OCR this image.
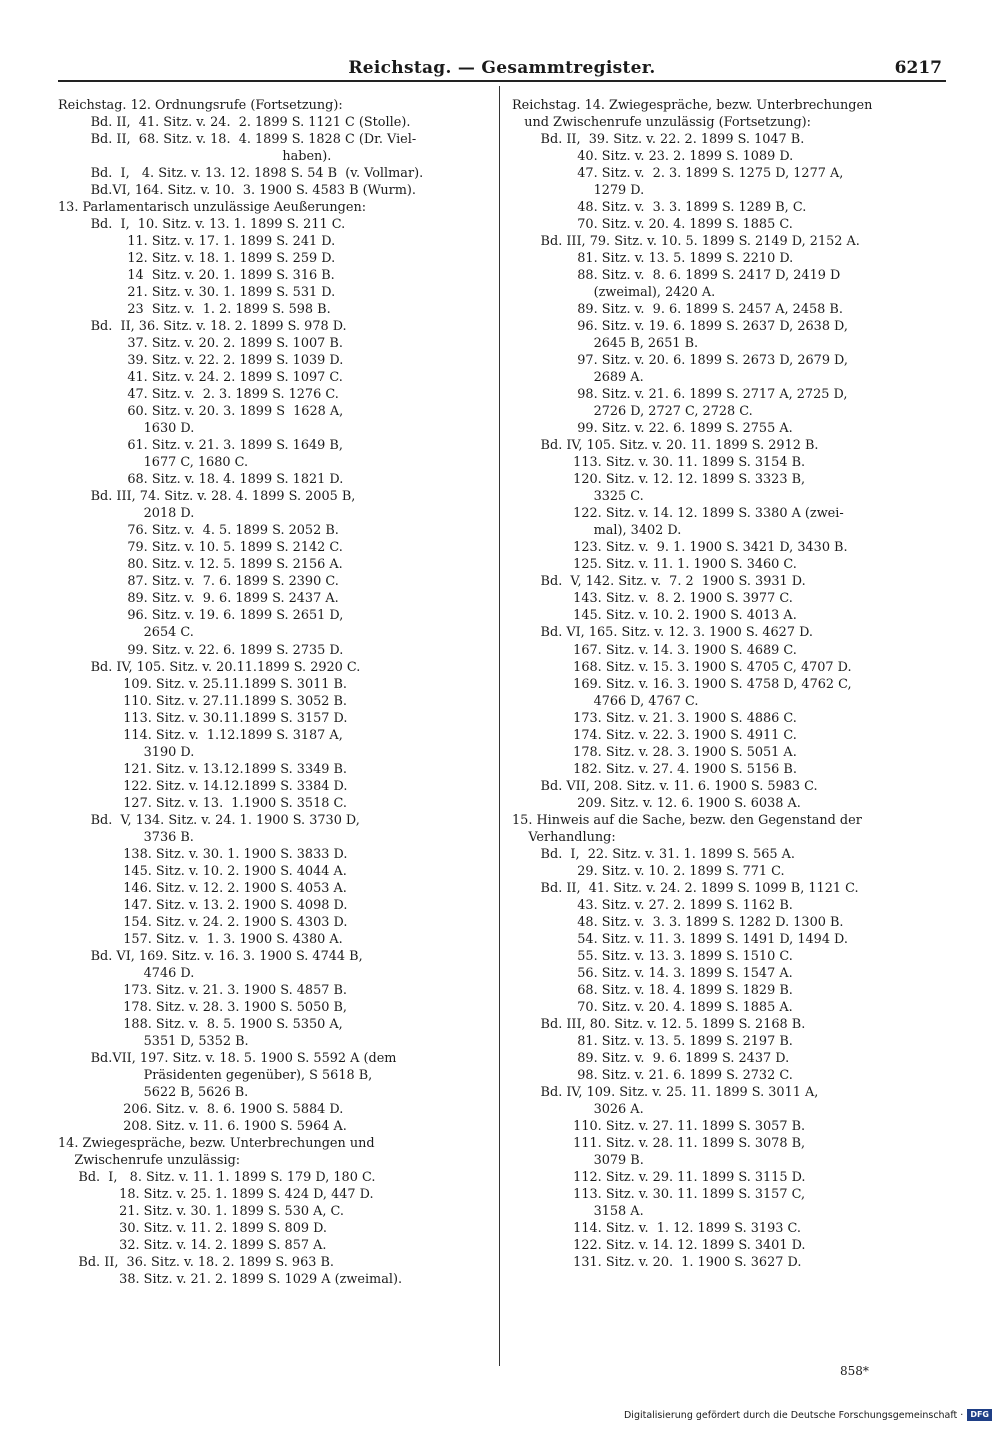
Reichstag. — Gesammtregister.	6217
Reichstag. 12. Ordnungsrufe (Fortsetzung):
Bd. II,  41. Sitz. v. 24.  2. 1899 S. 1121 C (Stolle).
Bd. II,  68. Sitz. v. 18.  4. 1899 S. 1828 C (Dr. Viel-
haben).
Bd.  I,   4. Sitz. v. 13. 12. 1898 S. 54 B  (v. Vollmar).
Bd.VI, 164. Sitz. v. 10.  3. 1900 S. 4583 B (Wurm).
13. Parlamentarisch unzulässige Aeußerungen:
Bd.  I,  10. Sitz. v. 13. 1. 1899 S. 211 C.
11. Sitz. v. 17. 1. 1899 S. 241 D.
12. Sitz. v. 18. 1. 1899 S. 259 D.
14  Sitz. v. 20. 1. 1899 S. 316 B.
21. Sitz. v. 30. 1. 1899 S. 531 D.
23  Sitz. v.  1. 2. 1899 S. 598 B.
Bd.  II, 36. Sitz. v. 18. 2. 1899 S. 978 D.
37. Sitz. v. 20. 2. 1899 S. 1007 B.
39. Sitz. v. 22. 2. 1899 S. 1039 D.
41. Sitz. v. 24. 2. 1899 S. 1097 C.
47. Sitz. v.  2. 3. 1899 S. 1276 C.
60. Sitz. v. 20. 3. 1899 S  1628 A,
1630 D.
61. Sitz. v. 21. 3. 1899 S. 1649 B,
1677 C, 1680 C.
68. Sitz. v. 18. 4. 1899 S. 1821 D.
Bd. III, 74. Sitz. v. 28. 4. 1899 S. 2005 B,
2018 D.
76. Sitz. v.  4. 5. 1899 S. 2052 B.
79. Sitz. v. 10. 5. 1899 S. 2142 C.
80. Sitz. v. 12. 5. 1899 S. 2156 A.
87. Sitz. v.  7. 6. 1899 S. 2390 C.
89. Sitz. v.  9. 6. 1899 S. 2437 A.
96. Sitz. v. 19. 6. 1899 S. 2651 D,
2654 C.
99. Sitz. v. 22. 6. 1899 S. 2735 D.
Bd. IV, 105. Sitz. v. 20.11.1899 S. 2920 C.
109. Sitz. v. 25.11.1899 S. 3011 B.
110. Sitz. v. 27.11.1899 S. 3052 B.
113. Sitz. v. 30.11.1899 S. 3157 D.
114. Sitz. v.  1.12.1899 S. 3187 A,
3190 D.
121. Sitz. v. 13.12.1899 S. 3349 B.
122. Sitz. v. 14.12.1899 S. 3384 D.
127. Sitz. v. 13.  1.1900 S. 3518 C.
Bd.  V, 134. Sitz. v. 24. 1. 1900 S. 3730 D,
3736 B.
138. Sitz. v. 30. 1. 1900 S. 3833 D.
145. Sitz. v. 10. 2. 1900 S. 4044 A.
146. Sitz. v. 12. 2. 1900 S. 4053 A.
147. Sitz. v. 13. 2. 1900 S. 4098 D.
154. Sitz. v. 24. 2. 1900 S. 4303 D.
157. Sitz. v.  1. 3. 1900 S. 4380 A.
Bd. VI, 169. Sitz. v. 16. 3. 1900 S. 4744 B,
4746 D.
173. Sitz. v. 21. 3. 1900 S. 4857 B.
178. Sitz. v. 28. 3. 1900 S. 5050 B,
188. Sitz. v.  8. 5. 1900 S. 5350 A,
5351 D, 5352 B.
Bd.VII, 197. Sitz. v. 18. 5. 1900 S. 5592 A (dem
Präsidenten gegenüber), S 5618 B,
5622 B, 5626 B.
206. Sitz. v.  8. 6. 1900 S. 5884 D.
208. Sitz. v. 11. 6. 1900 S. 5964 A.
14. Zwiegespräche, bezw. Unterbrechungen und
Zwischenrufe unzulässig:
Bd.  I,   8. Sitz. v. 11. 1. 1899 S. 179 D, 180 C.
18. Sitz. v. 25. 1. 1899 S. 424 D, 447 D.
21. Sitz. v. 30. 1. 1899 S. 530 A, C.
30. Sitz. v. 11. 2. 1899 S. 809 D.
32. Sitz. v. 14. 2. 1899 S. 857 A.
Bd. II,  36. Sitz. v. 18. 2. 1899 S. 963 B.
38. Sitz. v. 21. 2. 1899 S. 1029 A (zweimal).
Reichstag. 14. Zwiegespräche, bezw. Unterbrechungen
und Zwischenrufe unzulässig (Fortsetzung):
Bd. II,  39. Sitz. v. 22. 2. 1899 S. 1047 B.
40. Sitz. v. 23. 2. 1899 S. 1089 D.
47. Sitz. v.  2. 3. 1899 S. 1275 D, 1277 A,
1279 D.
48. Sitz. v.  3. 3. 1899 S. 1289 B, C.
70. Sitz. v. 20. 4. 1899 S. 1885 C.
Bd. III, 79. Sitz. v. 10. 5. 1899 S. 2149 D, 2152 A.
81. Sitz. v. 13. 5. 1899 S. 2210 D.
88. Sitz. v.  8. 6. 1899 S. 2417 D, 2419 D
(zweimal), 2420 A.
89. Sitz. v.  9. 6. 1899 S. 2457 A, 2458 B.
96. Sitz. v. 19. 6. 1899 S. 2637 D, 2638 D,
2645 B, 2651 B.
97. Sitz. v. 20. 6. 1899 S. 2673 D, 2679 D,
2689 A.
98. Sitz. v. 21. 6. 1899 S. 2717 A, 2725 D,
2726 D, 2727 C, 2728 C.
99. Sitz. v. 22. 6. 1899 S. 2755 A.
Bd. IV, 105. Sitz. v. 20. 11. 1899 S. 2912 B.
113. Sitz. v. 30. 11. 1899 S. 3154 B.
120. Sitz. v. 12. 12. 1899 S. 3323 B,
3325 C.
122. Sitz. v. 14. 12. 1899 S. 3380 A (zwei-
mal), 3402 D.
123. Sitz. v.  9. 1. 1900 S. 3421 D, 3430 B.
125. Sitz. v. 11. 1. 1900 S. 3460 C.
Bd.  V, 142. Sitz. v.  7. 2  1900 S. 3931 D.
143. Sitz. v.  8. 2. 1900 S. 3977 C.
145. Sitz. v. 10. 2. 1900 S. 4013 A.
Bd. VI, 165. Sitz. v. 12. 3. 1900 S. 4627 D.
167. Sitz. v. 14. 3. 1900 S. 4689 C.
168. Sitz. v. 15. 3. 1900 S. 4705 C, 4707 D.
169. Sitz. v. 16. 3. 1900 S. 4758 D, 4762 C,
4766 D, 4767 C.
173. Sitz. v. 21. 3. 1900 S. 4886 C.
174. Sitz. v. 22. 3. 1900 S. 4911 C.
178. Sitz. v. 28. 3. 1900 S. 5051 A.
182. Sitz. v. 27. 4. 1900 S. 5156 B.
Bd. VII, 208. Sitz. v. 11. 6. 1900 S. 5983 C.
209. Sitz. v. 12. 6. 1900 S. 6038 A.
15. Hinweis auf die Sache, bezw. den Gegenstand der
Verhandlung:
Bd.  I,  22. Sitz. v. 31. 1. 1899 S. 565 A.
29. Sitz. v. 10. 2. 1899 S. 771 C.
Bd. II,  41. Sitz. v. 24. 2. 1899 S. 1099 B, 1121 C.
43. Sitz. v. 27. 2. 1899 S. 1162 B.
48. Sitz. v.  3. 3. 1899 S. 1282 D. 1300 B.
54. Sitz. v. 11. 3. 1899 S. 1491 D, 1494 D.
55. Sitz. v. 13. 3. 1899 S. 1510 C.
56. Sitz. v. 14. 3. 1899 S. 1547 A.
68. Sitz. v. 18. 4. 1899 S. 1829 B.
70. Sitz. v. 20. 4. 1899 S. 1885 A.
Bd. III, 80. Sitz. v. 12. 5. 1899 S. 2168 B.
81. Sitz. v. 13. 5. 1899 S. 2197 B.
89. Sitz. v.  9. 6. 1899 S. 2437 D.
98. Sitz. v. 21. 6. 1899 S. 2732 C.
Bd. IV, 109. Sitz. v. 25. 11. 1899 S. 3011 A,
3026 A.
110. Sitz. v. 27. 11. 1899 S. 3057 B.
111. Sitz. v. 28. 11. 1899 S. 3078 B,
3079 B.
112. Sitz. v. 29. 11. 1899 S. 3115 D.
113. Sitz. v. 30. 11. 1899 S. 3157 C,
3158 A.
114. Sitz. v.  1. 12. 1899 S. 3193 C.
122. Sitz. v. 14. 12. 1899 S. 3401 D.
131. Sitz. v. 20.  1. 1900 S. 3627 D.
858*
Digitalisierung gefördert durch die Deutsche Forschungsgemeinschaft · DFG
